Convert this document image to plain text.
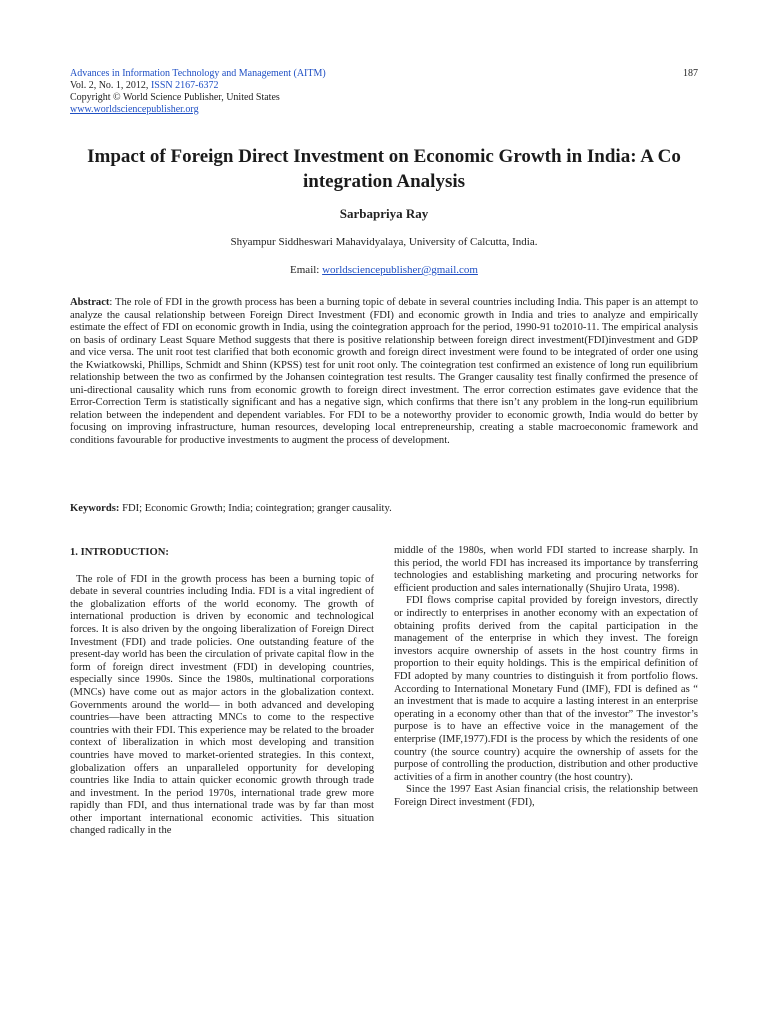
Advances in Information Technology and Management (AITM)
Vol. 2, No. 1, 2012, ISSN 2167-6372
Copyright © World Science Publisher, United States
www.worldsciencepublisher.org
187
Impact of Foreign Direct Investment on Economic Growth in India: A Co integration Analysis
Sarbapriya Ray
Shyampur Siddheswari Mahavidyalaya, University of Calcutta, India.
Email: worldsciencepublisher@gmail.com
Abstract: The role of FDI in the growth process has been a burning topic of debate in several countries including India. This paper is an attempt to analyze the causal relationship between Foreign Direct Investment (FDI) and economic growth in India and tries to analyze and empirically estimate the effect of FDI on economic growth in India, using the cointegration approach for the period, 1990-91 to2010-11. The empirical analysis on basis of ordinary Least Square Method suggests that there is positive relationship between foreign direct investment(FDI)investment and GDP and vice versa. The unit root test clarified that both economic growth and foreign direct investment were found to be integrated of order one using the Kwiatkowski, Phillips, Schmidt and Shinn (KPSS) test for unit root only. The cointegration test confirmed an existence of long run equilibrium relationship between the two as confirmed by the Johansen cointegration test results. The Granger causality test finally confirmed the presence of uni-directional causality which runs from economic growth to foreign direct investment. The error correction estimates gave evidence that the Error-Correction Term is statistically significant and has a negative sign, which confirms that there isn’t any problem in the long-run equilibrium relation between the independent and dependent variables. For FDI to be a noteworthy provider to economic growth, India would do better by focusing on improving infrastructure, human resources, developing local entrepreneurship, creating a stable macroeconomic framework and conditions favourable for productive investments to augment the process of development.
Keywords: FDI; Economic Growth; India; cointegration; granger causality.
1. INTRODUCTION:

The role of FDI in the growth process has been a burning topic of debate in several countries including India. FDI is a vital ingredient of the globalization efforts of the world economy. The growth of international production is driven by economic and technological forces. It is also driven by the ongoing liberalization of Foreign Direct Investment (FDI) and trade policies. One outstanding feature of the present-day world has been the circulation of private capital flow in the form of foreign direct investment (FDI) in developing countries, especially since 1990s. Since the 1980s, multinational corporations (MNCs) have come out as major actors in the globalization context. Governments around the world— in both advanced and developing countries—have been attracting MNCs to come to the respective countries with their FDI. This experience may be related to the broader context of liberalization in which most developing and transition countries have moved to market-oriented strategies. In this context, globalization offers an unparalleled opportunity for developing countries like India to attain quicker economic growth through trade and investment. In the period 1970s, international trade grew more rapidly than FDI, and thus international trade was by far than most other important international economic activities. This situation changed radically in the

middle of the 1980s, when world FDI started to increase sharply. In this period, the world FDI has increased its importance by transferring technologies and establishing marketing and procuring networks for efficient production and sales internationally (Shujiro Urata, 1998).

FDI flows comprise capital provided by foreign investors, directly or indirectly to enterprises in another economy with an expectation of obtaining profits derived from the capital participation in the management of the enterprise in which they invest. The foreign investors acquire ownership of assets in the host country firms in proportion to their equity holdings. This is the empirical definition of FDI adopted by many countries to distinguish it from portfolio flows. According to International Monetary Fund (IMF), FDI is defined as “ an investment that is made to acquire a lasting interest in an enterprise operating in a economy other than that of the investor” The investor’s purpose is to have an effective voice in the management of the enterprise (IMF,1977).FDI is the process by which the residents of one country (the source country) acquire the ownership of assets for the purpose of controlling the production, distribution and other productive activities of a firm in another country (the host country).

Since the 1997 East Asian financial crisis, the relationship between Foreign Direct investment (FDI),
